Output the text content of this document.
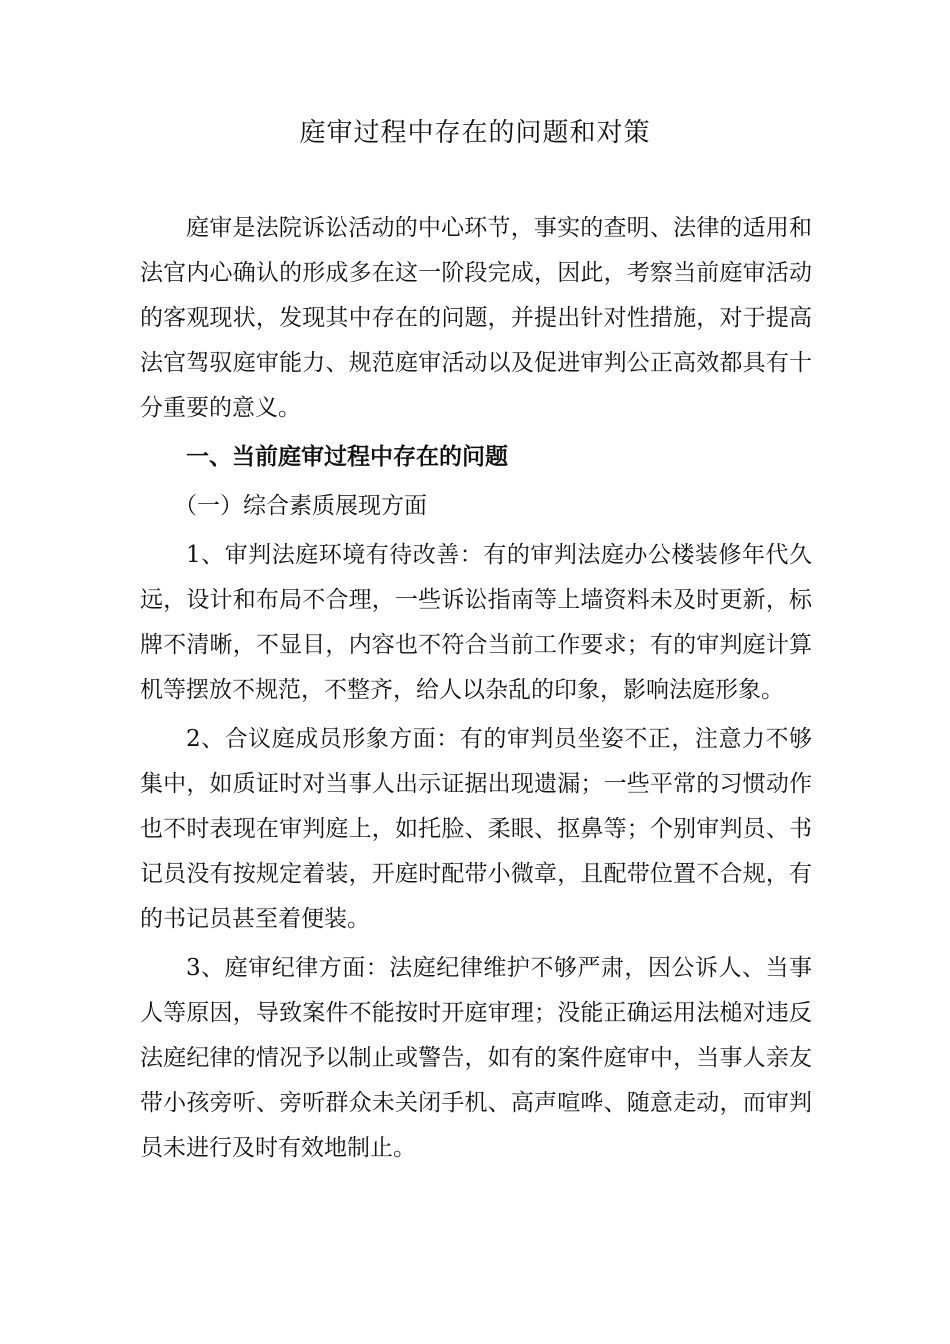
庭审过程中存在的问题和对策

庭审是法院诉讼活动的中心环节，事实的查明、法律的适用和法官内心确认的形成多在这一阶段完成，因此，考察当前庭审活动的客观现状，发现其中存在的问题，并提出针对性措施，对于提高法官驾驭庭审能力、规范庭审活动以及促进审判公正高效都具有十分重要的意义。

一、当前庭审过程中存在的问题

（一）综合素质展现方面

1、审判法庭环境有待改善：有的审判法庭办公楼装修年代久远，设计和布局不合理，一些诉讼指南等上墙资料未及时更新，标牌不清晰，不显目，内容也不符合当前工作要求；有的审判庭计算机等摆放不规范，不整齐，给人以杂乱的印象，影响法庭形象。

2、合议庭成员形象方面：有的审判员坐姿不正，注意力不够集中，如质证时对当事人出示证据出现遗漏；一些平常的习惯动作也不时表现在审判庭上，如托脸、柔眼、抠鼻等；个别审判员、书记员没有按规定着装，开庭时配带小微章，且配带位置不合规，有的书记员甚至着便装。

3、庭审纪律方面：法庭纪律维护不够严肃，因公诉人、当事人等原因，导致案件不能按时开庭审理；没能正确运用法槌对违反法庭纪律的情况予以制止或警告，如有的案件庭审中，当事人亲友带小孩旁听、旁听群众未关闭手机、高声喧哗、随意走动，而审判员未进行及时有效地制止。
